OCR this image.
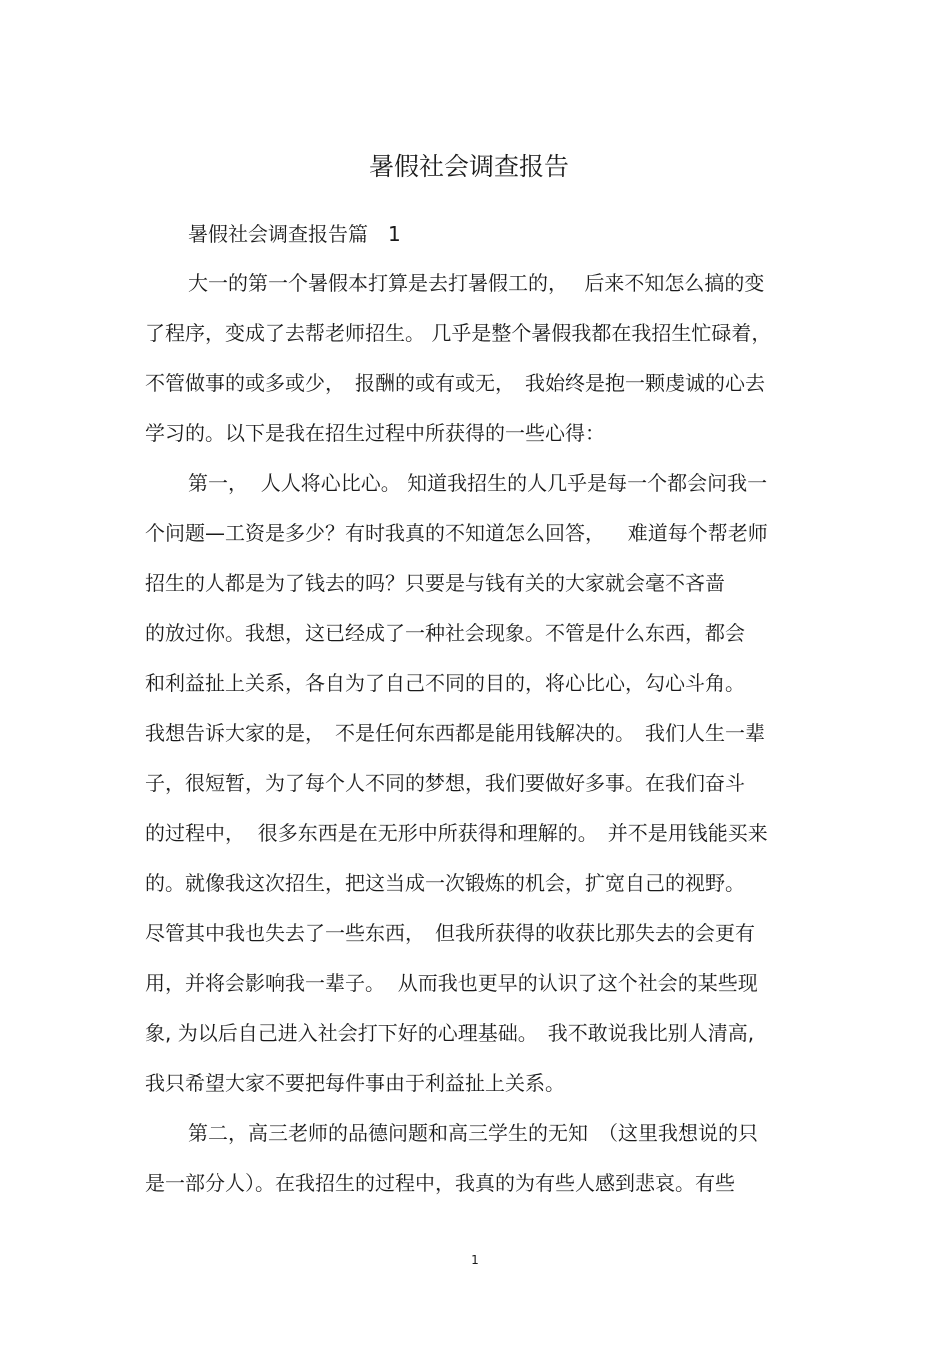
暑假社会调查报告
暑假社会调查报告篇　1
大一的第一个暑假本打算是去打暑假工的，　 后来不知怎么搞的变
了程序，变成了去帮老师招生。 几乎是整个暑假我都在我招生忙碌着，
不管做事的或多或少，　报酬的或有或无，　我始终是抱一颗虔诚的心去
学习的。以下是我在招生过程中所获得的一些心得：
第一，  人人将心比心。 知道我招生的人几乎是每一个都会问我一
个问题—工资是多少？有时我真的不知道怎么回答，　  难道每个帮老师
招生的人都是为了钱去的吗？只要是与钱有关的大家就会毫不吝啬
的放过你。我想，这已经成了一种社会现象。不管是什么东西，都会
和利益扯上关系，各自为了自己不同的目的，将心比心，勾心斗角。
我想告诉大家的是，　不是任何东西都是能用钱解决的。　我们人生一辈
子，很短暂，为了每个人不同的梦想，我们要做好多事。在我们奋斗
的过程中，  很多东西是在无形中所获得和理解的。　并不是用钱能买来
的。就像我这次招生，把这当成一次锻炼的机会，扩宽自己的视野。
尽管其中我也失去了一些东西，　但我所获得的收获比那失去的会更有
用，并将会影响我一辈子。  从而我也更早的认识了这个社会的某些现
象, 为以后自己进入社会打下好的心理基础。　我不敢说我比别人清高,
我只希望大家不要把每件事由于利益扯上关系。
第二，高三老师的品德问题和高三学生的无知　（这里我想说的只
是一部分人）。在我招生的过程中，我真的为有些人感到悲哀。有些
1
